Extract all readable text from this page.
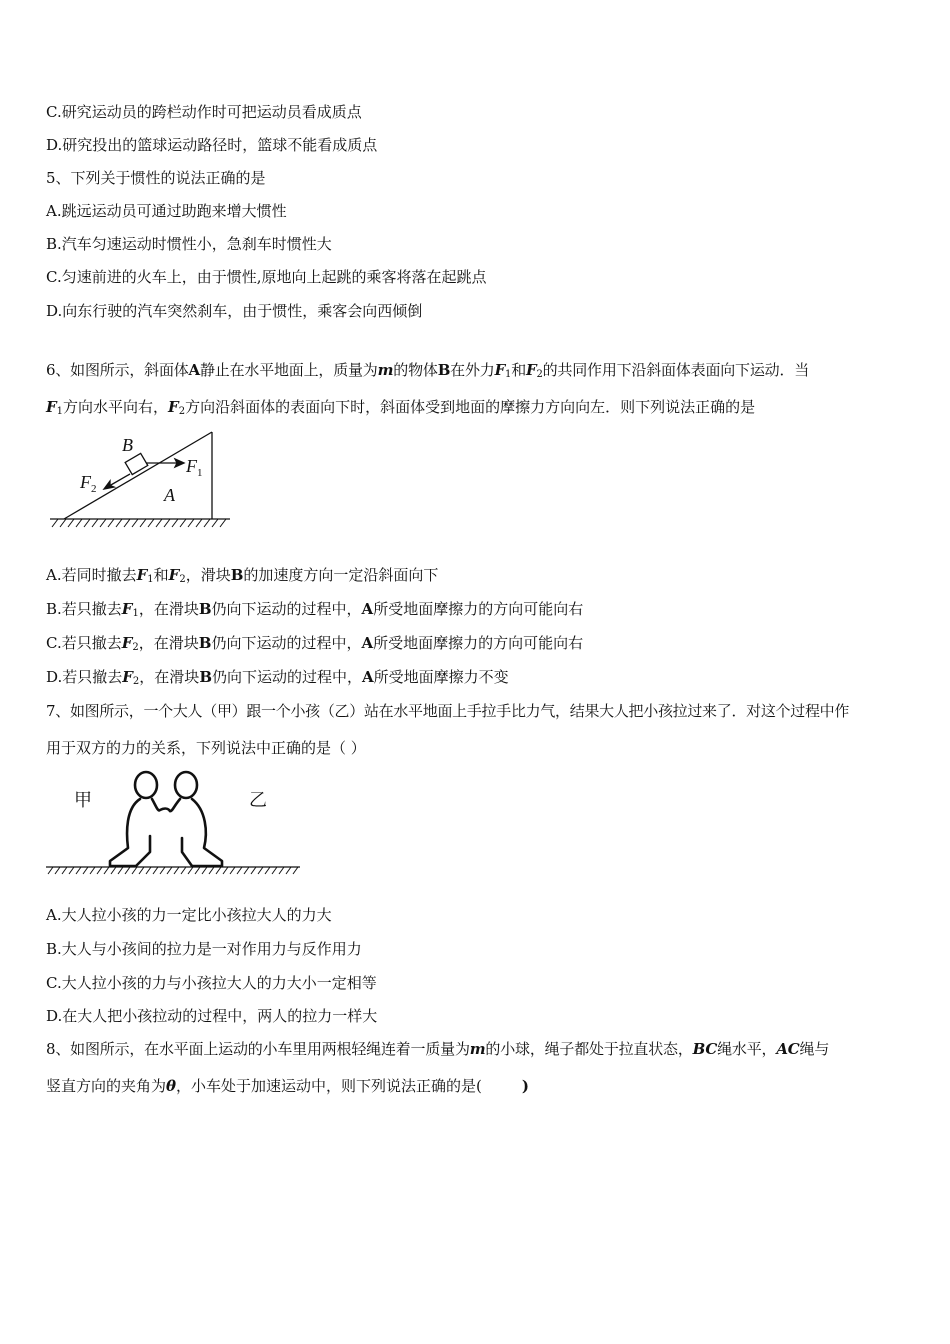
C.研究运动员的跨栏动作时可把运动员看成质点
D.研究投出的篮球运动路径时，篮球不能看成质点
5、下列关于惯性的说法正确的是
A.跳远运动员可通过助跑来增大惯性
B.汽车匀速运动时惯性小，急刹车时惯性大
C.匀速前进的火车上，由于惯性,原地向上起跳的乘客将落在起跳点
D.向东行驶的汽车突然刹车，由于惯性，乘客会向西倾倒
6、如图所示，斜面体A静止在水平地面上，质量为m的物体B在外力$F_1$和$F_2$的共同作用下沿斜面体表面向下运动．当
$F_1$方向水平向右，$F_2$方向沿斜面体的表面向下时，斜面体受到地面的摩擦力方向向左．则下列说法正确的是
B
$F_1$
$F_2$	A
A.若同时撤去$F_1$和$F_2$，滑块B的加速度方向一定沿斜面向下
B.若只撤去$F_1$，在滑块B仍向下运动的过程中，A所受地面摩擦力的方向可能向右
C.若只撤去$F_2$，在滑块B仍向下运动的过程中，A所受地面摩擦力的方向可能向右
D.若只撤去$F_2$，在滑块B仍向下运动的过程中，A所受地面摩擦力不变
7、如图所示，一个大人（甲）跟一个小孩（乙）站在水平地面上手拉手比力气，结果大人把小孩拉过来了．对这个过程中作
用于双方的力的关系，下列说法中正确的是（ ）
甲	乙
A.大人拉小孩的力一定比小孩拉大人的力大
B.大人与小孩间的拉力是一对作用力与反作用力
C.大人拉小孩的力与小孩拉大人的力大小一定相等
D.在大人把小孩拉动的过程中，两人的拉力一样大
8、如图所示，在水平面上运动的小车里用两根轻绳连着一质量为m的小球，绳子都处于拉直状态，BC绳水平，AC绳与
竖直方向的夹角为θ，小车处于加速运动中，则下列说法正确的是(	)
